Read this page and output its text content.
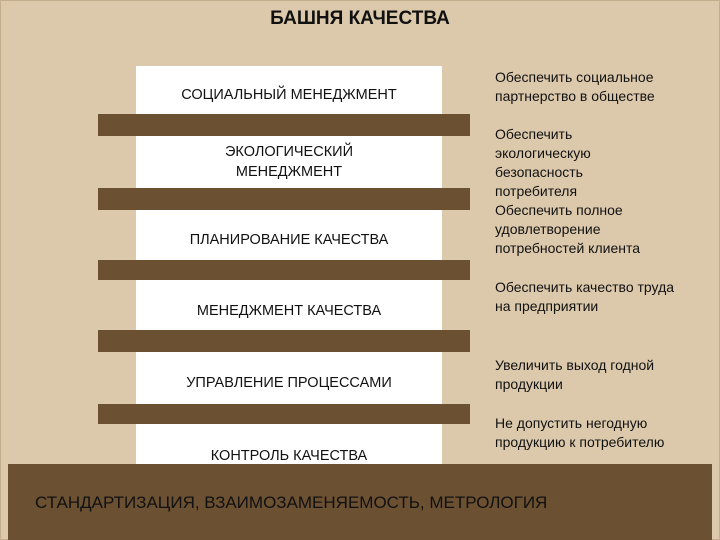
БАШНЯ КАЧЕСТВА
СОЦИАЛЬНЫЙ МЕНЕДЖМЕНТ
ЭКОЛОГИЧЕСКИЙ МЕНЕДЖМЕНТ
ПЛАНИРОВАНИЕ КАЧЕСТВА
МЕНЕДЖМЕНТ КАЧЕСТВА
УПРАВЛЕНИЕ ПРОЦЕССАМИ
КОНТРОЛЬ КАЧЕСТВА
Обеспечить социальное партнерство в обществе
Обеспечить экологическую безопасность потребителя
Обеспечить полное удовлетворение потребностей клиента
Обеспечить качество труда на предприятии
Увеличить выход годной продукции
Не допустить негодную продукцию к потребителю
СТАНДАРТИЗАЦИЯ, ВЗАИМОЗАМЕНЯЕМОСТЬ, МЕТРОЛОГИЯ
